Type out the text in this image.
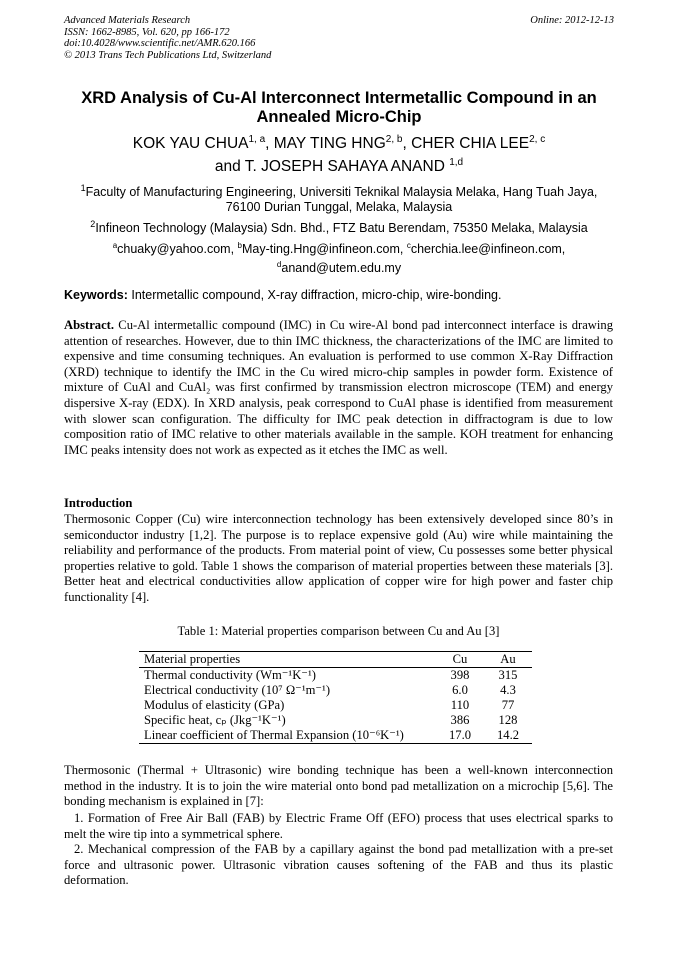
Advanced Materials Research
ISSN: 1662-8985, Vol. 620, pp 166-172
doi:10.4028/www.scientific.net/AMR.620.166
© 2013 Trans Tech Publications Ltd, Switzerland
Online: 2012-12-13
XRD Analysis of Cu-Al Interconnect Intermetallic Compound in an
Annealed Micro-Chip
KOK YAU CHUA$^{1, a}$, MAY TING HNG$^{2, b}$, CHER CHIA LEE$^{2, c}$
and T. JOSEPH SAHAYA ANAND $^{1,d}$
$^1$Faculty of Manufacturing Engineering, Universiti Teknikal Malaysia Melaka, Hang Tuah Jaya,
76100 Durian Tunggal, Melaka, Malaysia
$^2$Infineon Technology (Malaysia) Sdn. Bhd., FTZ Batu Berendam, 75350 Melaka, Malaysia
$^a$chuaky@yahoo.com, $^b$May-ting.Hng@infineon.com, $^c$cherchia.lee@infineon.com,
$^d$anand@utem.edu.my
Keywords: Intermetallic compound, X-ray diffraction, micro-chip, wire-bonding.
Abstract. Cu-Al intermetallic compound (IMC) in Cu wire-Al bond pad interconnect interface is drawing attention of researches. However, due to thin IMC thickness, the characterizations of the IMC are limited to expensive and time consuming techniques. An evaluation is performed to use common X-Ray Diffraction (XRD) technique to identify the IMC in the Cu wired micro-chip samples in powder form. Existence of mixture of CuAl and CuAl₂ was first confirmed by transmission electron microscope (TEM) and energy dispersive X-ray (EDX). In XRD analysis, peak correspond to CuAl phase is identified from measurement with slower scan configuration. The difficulty for IMC peak detection in diffractogram is due to low composition ratio of IMC relative to other materials available in the sample. KOH treatment for enhancing IMC peaks intensity does not work as expected as it etches the IMC as well.
Introduction
Thermosonic Copper (Cu) wire interconnection technology has been extensively developed since 80’s in semiconductor industry [1,2]. The purpose is to replace expensive gold (Au) wire while maintaining the reliability and performance of the products. From material point of view, Cu possesses some better physical properties relative to gold. Table 1 shows the comparison of material properties between these materials [3]. Better heat and electrical conductivities allow application of copper wire for high power and faster chip functionality [4].
Table 1: Material properties comparison between Cu and Au [3]
Material properties	Cu	Au
Thermal conductivity (Wm⁻¹K⁻¹)	398	315
Electrical conductivity (10⁷ Ω⁻¹m⁻¹)	6.0	4.3
Modulus of elasticity (GPa)	110	77
Specific heat, cₚ (Jkg⁻¹K⁻¹)	386	128
Linear coefficient of Thermal Expansion (10⁻⁶K⁻¹)	17.0	14.2
Thermosonic (Thermal + Ultrasonic) wire bonding technique has been a well-known interconnection method in the industry. It is to join the wire material onto bond pad metallization on a microchip [5,6]. The bonding mechanism is explained in [7]:
1. Formation of Free Air Ball (FAB) by Electric Frame Off (EFO) process that uses electrical sparks to melt the wire tip into a symmetrical sphere.
2. Mechanical compression of the FAB by a capillary against the bond pad metallization with a pre-set force and ultrasonic power. Ultrasonic vibration causes softening of the FAB and thus its plastic deformation.
